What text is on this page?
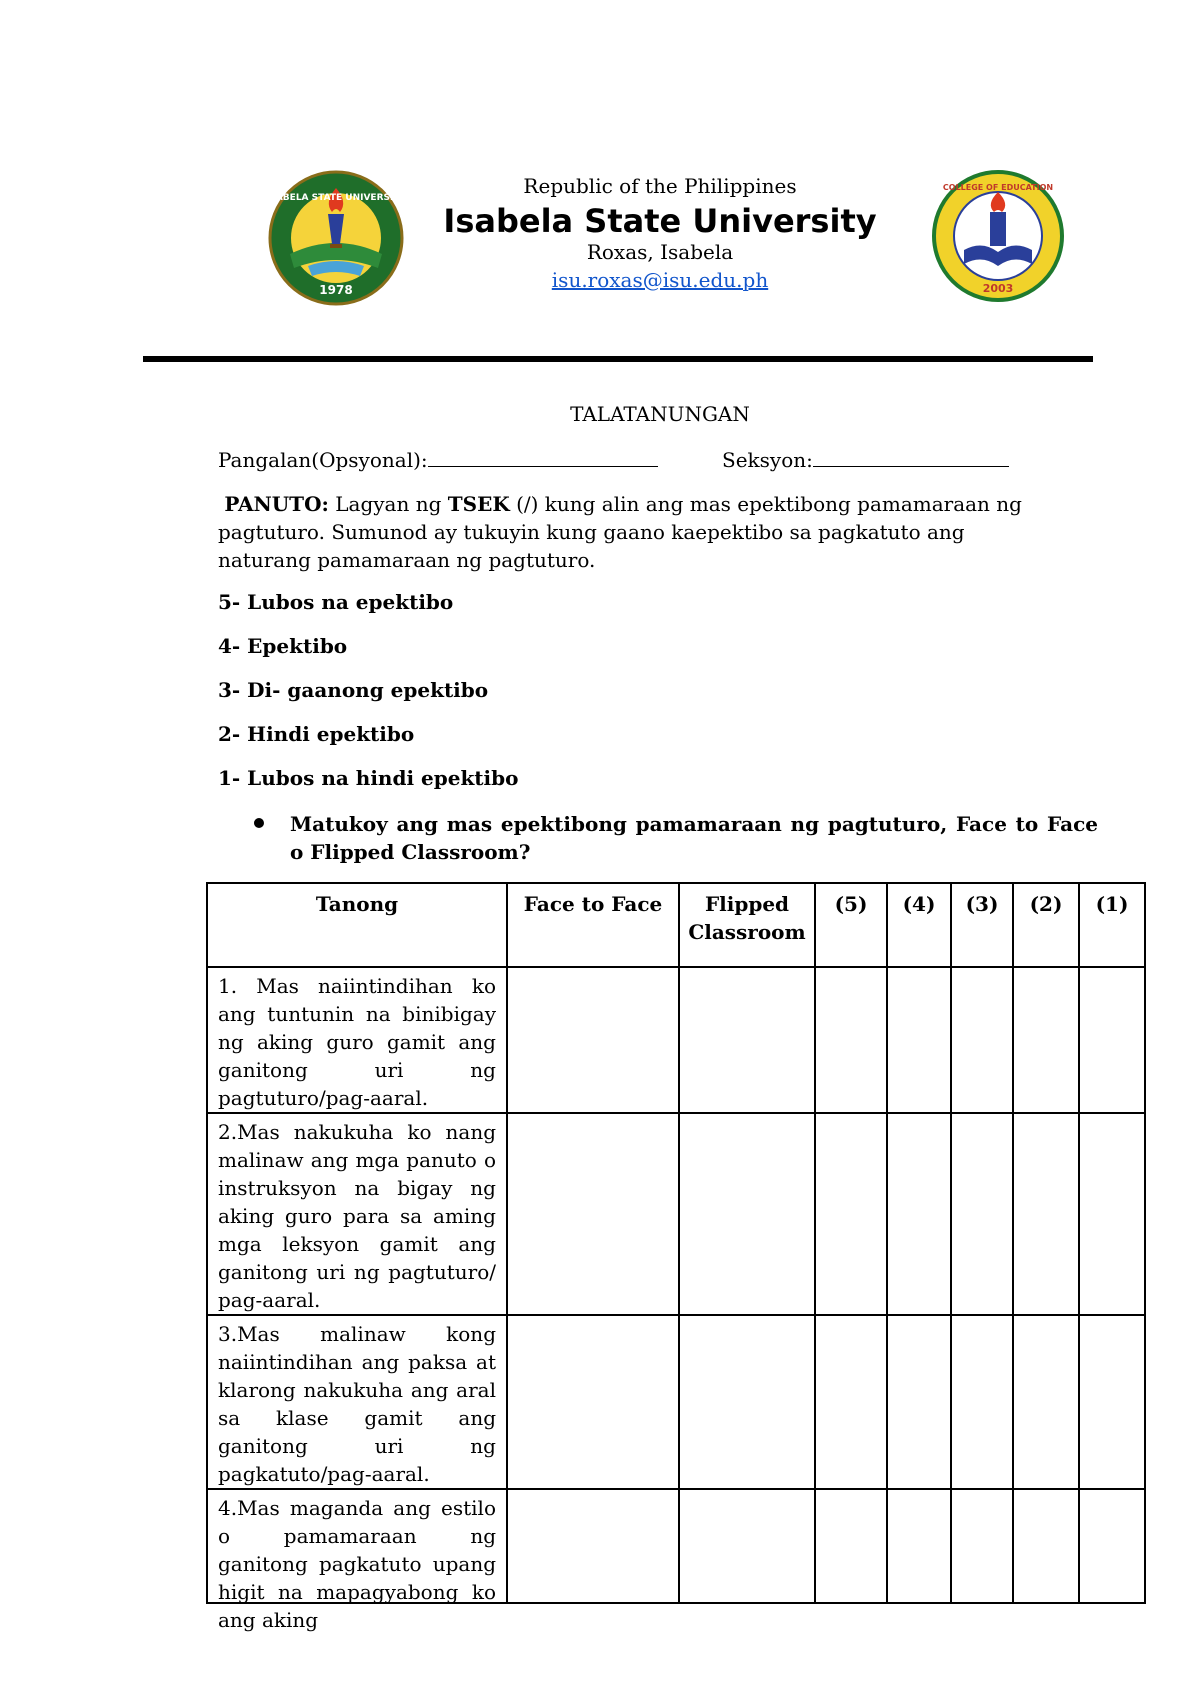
ISABELA STATE UNIVERSITY
1978
COLLEGE OF EDUCATION
2003
Republic of the Philippines
Isabela State University
Roxas, Isabela
isu.roxas@isu.edu.ph
TALATANUNGAN
Pangalan(Opsyonal):	Seksyon:
PANUTO: Lagyan ng TSEK (/) kung alin ang mas epektibong pamamaraan ng pagtuturo. Sumunod ay tukuyin kung gaano kaepektibo sa pagkatuto ang naturang pamamaraan ng pagtuturo.
5- Lubos na epektibo
4- Epektibo
3- Di- gaanong epektibo
2- Hindi epektibo
1- Lubos na hindi epektibo
Matukoy ang mas epektibong pamamaraan ng pagtuturo, Face to Face o Flipped Classroom?
Tanong	Face to Face	Flipped Classroom	(5)	(4)	(3)	(2)	(1)
1. Mas naiintindihan ko ang tuntunin na binibigay ng aking guro gamit ang ganitong uri ng pagtuturo/pag-aaral.							
2.Mas nakukuha ko nang malinaw ang mga panuto o instruksyon na bigay ng aking guro para sa aming mga leksyon gamit ang ganitong uri ng pagtuturo/ pag-aaral.							
3.Mas malinaw kong naiintindihan ang paksa at klarong nakukuha ang aral sa klase gamit ang ganitong uri ng pagkatuto/pag-aaral.							

4.Mas maganda ang estilo o pamamaraan ng ganitong pagkatuto upang higit na mapagyabong ko ang aking							
